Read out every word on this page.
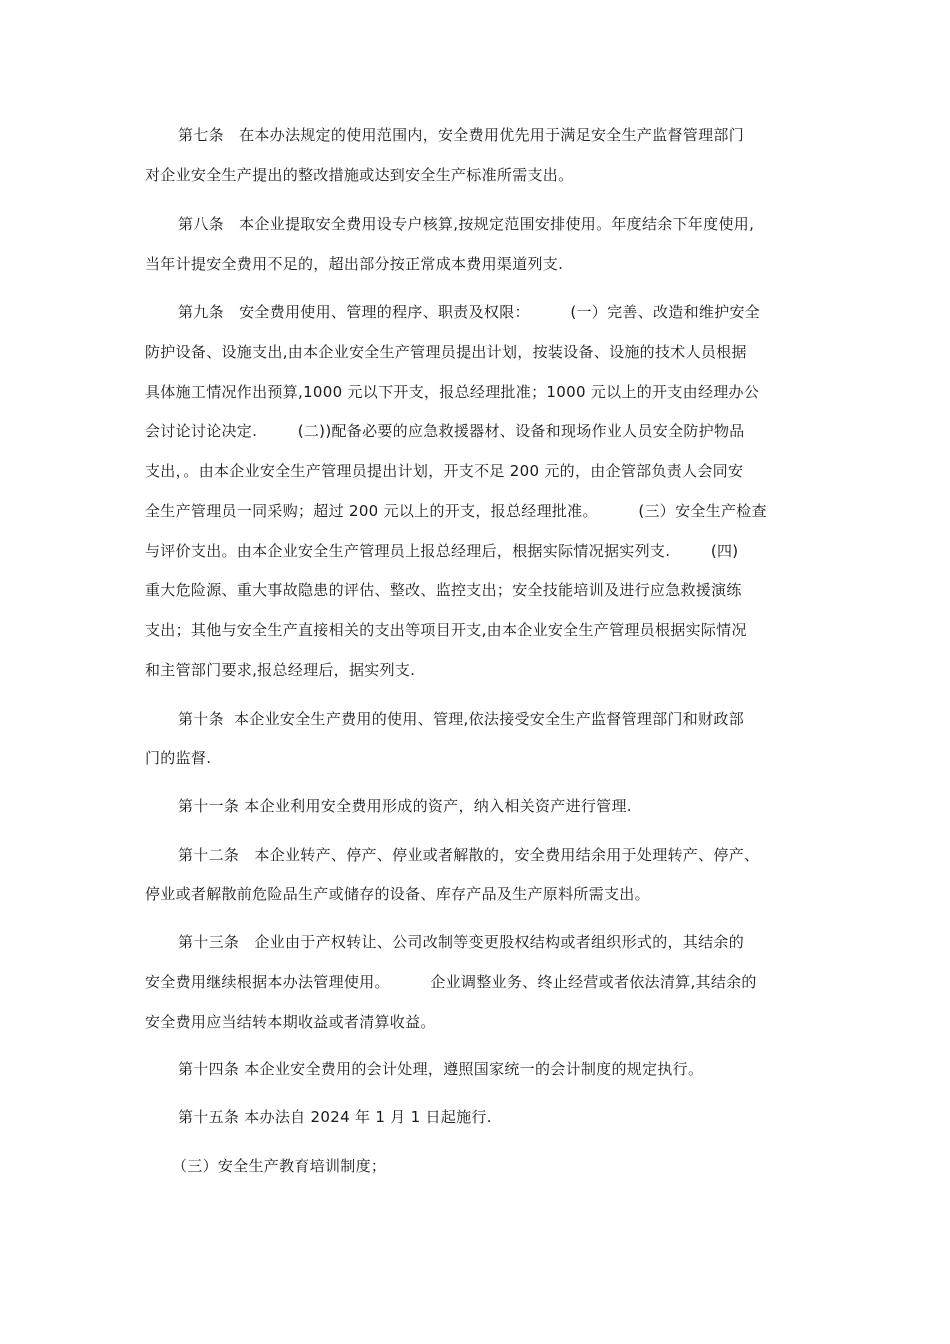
第七条   在本办法规定的使用范围内，安全费用优先用于满足安全生产监督管理部门
对企业安全生产提出的整改措施或达到安全生产标准所需支出。
第八条   本企业提取安全费用设专户核算,按规定范围安排使用。年度结余下年度使用,
当年计提安全费用不足的，超出部分按正常成本费用渠道列支.
第九条   安全费用使用、管理的程序、职责及权限：        (一）完善、改造和维护安全
防护设备、设施支出,由本企业安全生产管理员提出计划，按装设备、设施的技术人员根据
具体施工情况作出预算,1000 元以下开支，报总经理批准；1000 元以上的开支由经理办公
会讨论讨论决定.        (二))配备必要的应急救援器材、设备和现场作业人员安全防护物品
支出，。由本企业安全生产管理员提出计划，开支不足 200 元的，由企管部负责人会同安
全生产管理员一同采购；超过 200 元以上的开支，报总经理批准。        (三）安全生产检查
与评价支出。由本企业安全生产管理员上报总经理后，根据实际情况据实列支.        (四)
重大危险源、重大事故隐患的评估、整改、监控支出；安全技能培训及进行应急救援演练
支出；其他与安全生产直接相关的支出等项目开支,由本企业安全生产管理员根据实际情况
和主管部门要求,报总经理后，据实列支.
第十条  本企业安全生产费用的使用、管理,依法接受安全生产监督管理部门和财政部
门的监督.
第十一条 本企业利用安全费用形成的资产，纳入相关资产进行管理.
第十二条   本企业转产、停产、停业或者解散的，安全费用结余用于处理转产、停产、
停业或者解散前危险品生产或储存的设备、库存产品及生产原料所需支出。
第十三条   企业由于产权转让、公司改制等变更股权结构或者组织形式的，其结余的
安全费用继续根据本办法管理使用。        企业调整业务、终止经营或者依法清算,其结余的
安全费用应当结转本期收益或者清算收益。
第十四条 本企业安全费用的会计处理，遵照国家统一的会计制度的规定执行。
第十五条 本办法自 2024 年 1 月 1 日起施行.
（三）安全生产教育培训制度；
